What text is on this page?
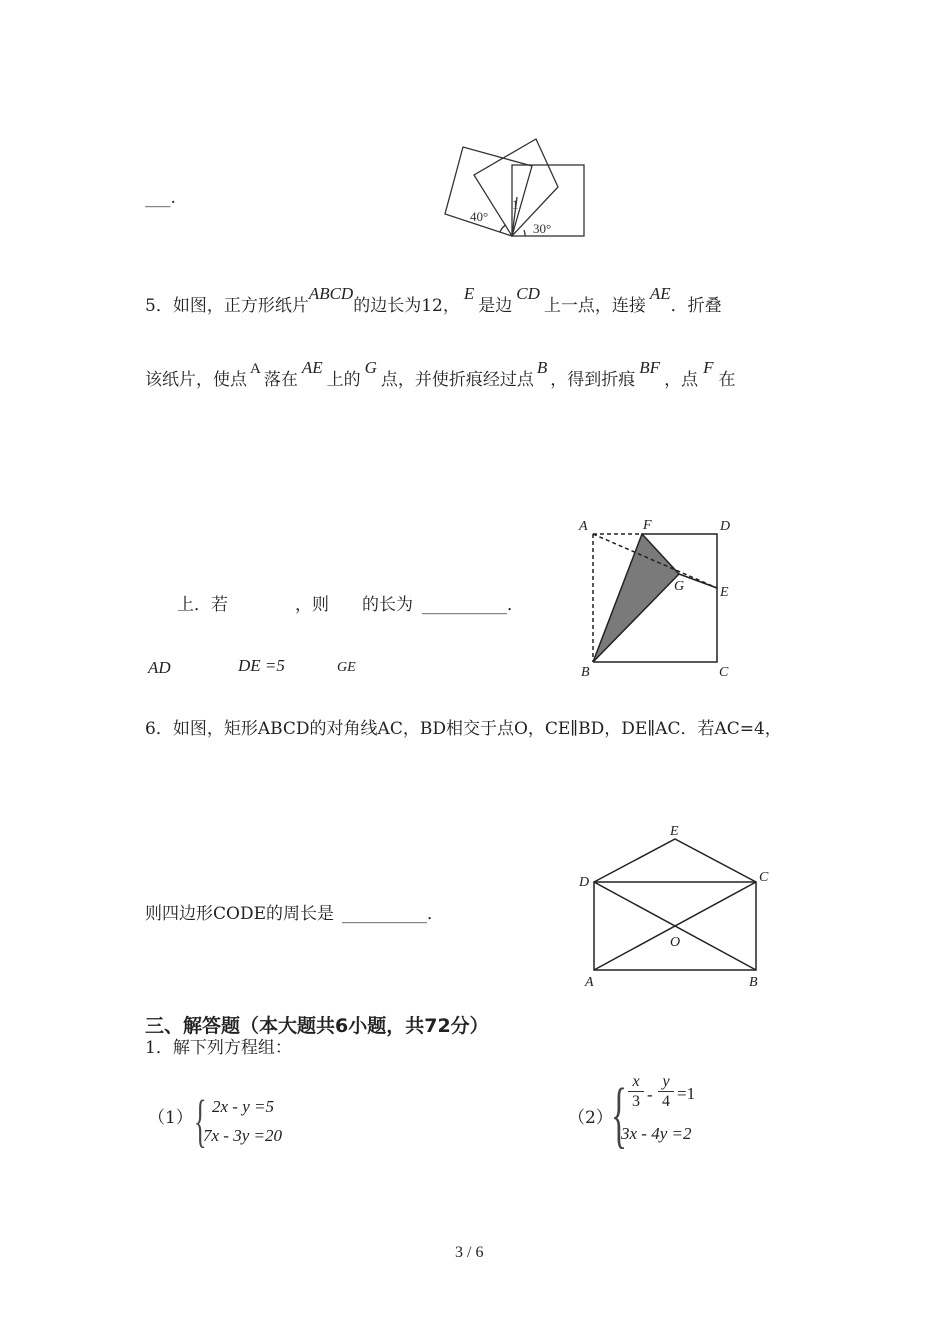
___.
40°
1
30°
5．如图，正方形纸片ABCD的边长为12，E是边CD上一点，连接AE．折叠
该纸片，使点A落在AE上的G点，并使折痕经过点B，得到折痕BF，点F在
上．若	，则 的长为 __________．
AD	DE =5	GE
A	F	D
G	E
B	C
6．如图，矩形ABCD的对角线AC，BD相交于点O，CE∥BD，DE∥AC．若AC=4，
则四边形CODE的周长是 __________．
E
D	C
O
A	B
三、解答题（本大题共6小题，共72分）
1．解下列方程组：
（1） { 2x - y =5
7x - 3y =20
（2）
{ x
3 -
y
4 =1
3x - 4y =2
3 / 6
